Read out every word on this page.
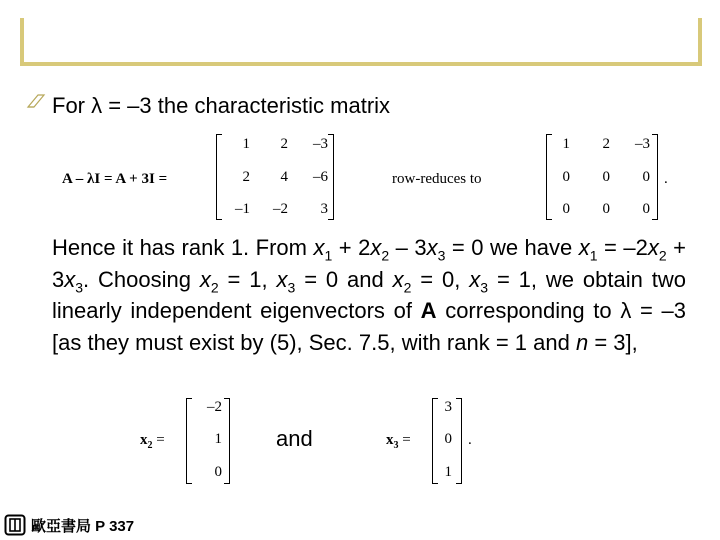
For λ = –3 the characteristic matrix
A – λI = A + 3I =
1	2	–3
2	4	–6
–1	–2	3
row-reduces to
1	2	–3
0	0	0
0	0	0
.
Hence it has rank 1. From $x_1 + 2x_2 - 3x_3 = 0$ we have $x_1 = -2x_2 + 3x_3$. Choosing $x_2 = 1$, $x_3 = 0$ and $x_2 = 0$, $x_3 = 1$, we obtain two linearly independent eigenvectors of A corresponding to λ = –3 [as they must exist by (5), Sec. 7.5, with rank = 1 and n = 3],
$x_2$ =
–2
1
0
and	$x_3$ =
3
0
1
.
歐亞書局 P 337
